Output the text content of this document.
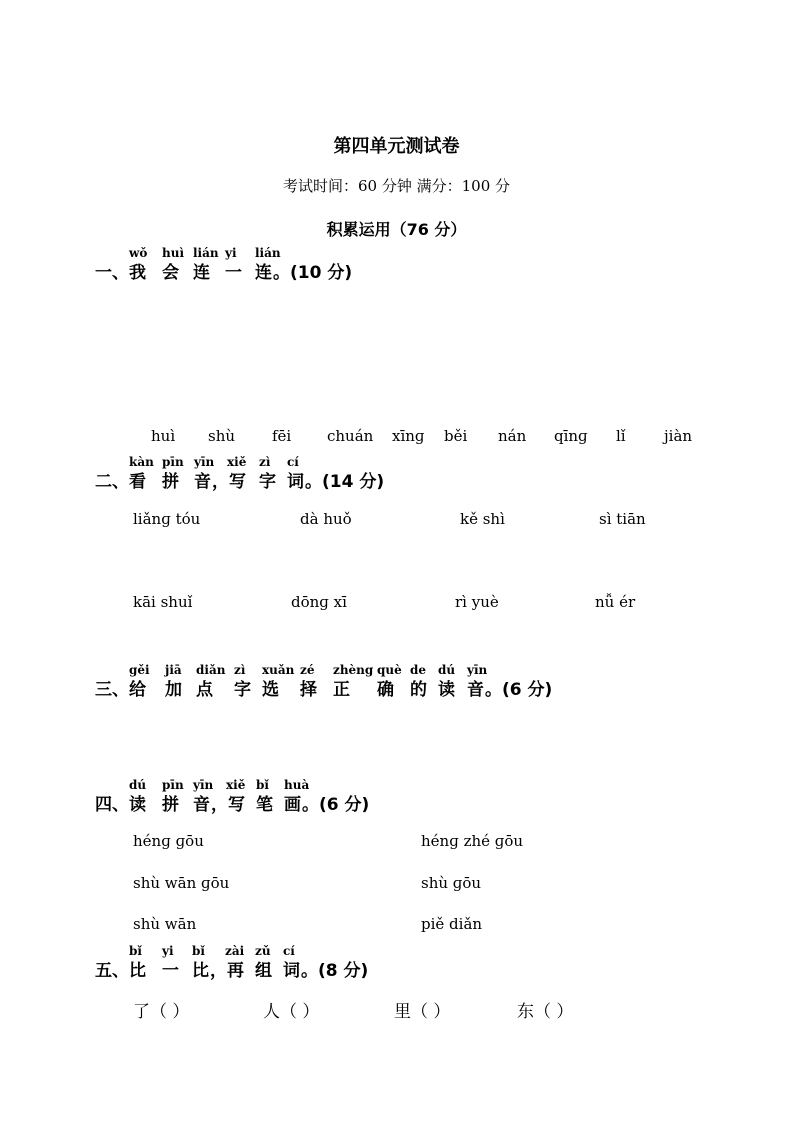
第四单元测试卷
考试时间：60 分钟 满分：100 分
积累运用（76 分）
一、
wǒ
我
huì
会
lián
连
yi
一
lián
连。(10 分)
huì shù fēi chuán xīnɡ běi nán qīnɡ lǐ	jiàn
二、
kàn
看
pīn
拼
yīn
音
xiě
，写
zì
字
cí
词。(14 分)
liǎnɡ tóu	dà huǒ	kě shì	sì tiān
kāi shuǐ	dōnɡ xī	rì yuè	nǚ ér
三、
gěi
给
jiā
加
diǎn
点
zì
字
xuǎn
选
zé
择
zhèng
正
què
确
de
的
dú
读
yīn
音。(6 分)
四、
dú
读
pīn
拼
yīn
音
xiě
，写
bǐ
笔
huà
画。(6 分)
hénɡ ɡōu	hénɡ zhé ɡōu
shù wān ɡōu	shù ɡōu
shù wān	piě diǎn
五、
bǐ
比
yi
一
bǐ
比
zài
，再
zǔ
组
cí
词。(8 分)
了（ ）	人（ ）	里（ ）	东（ ）
